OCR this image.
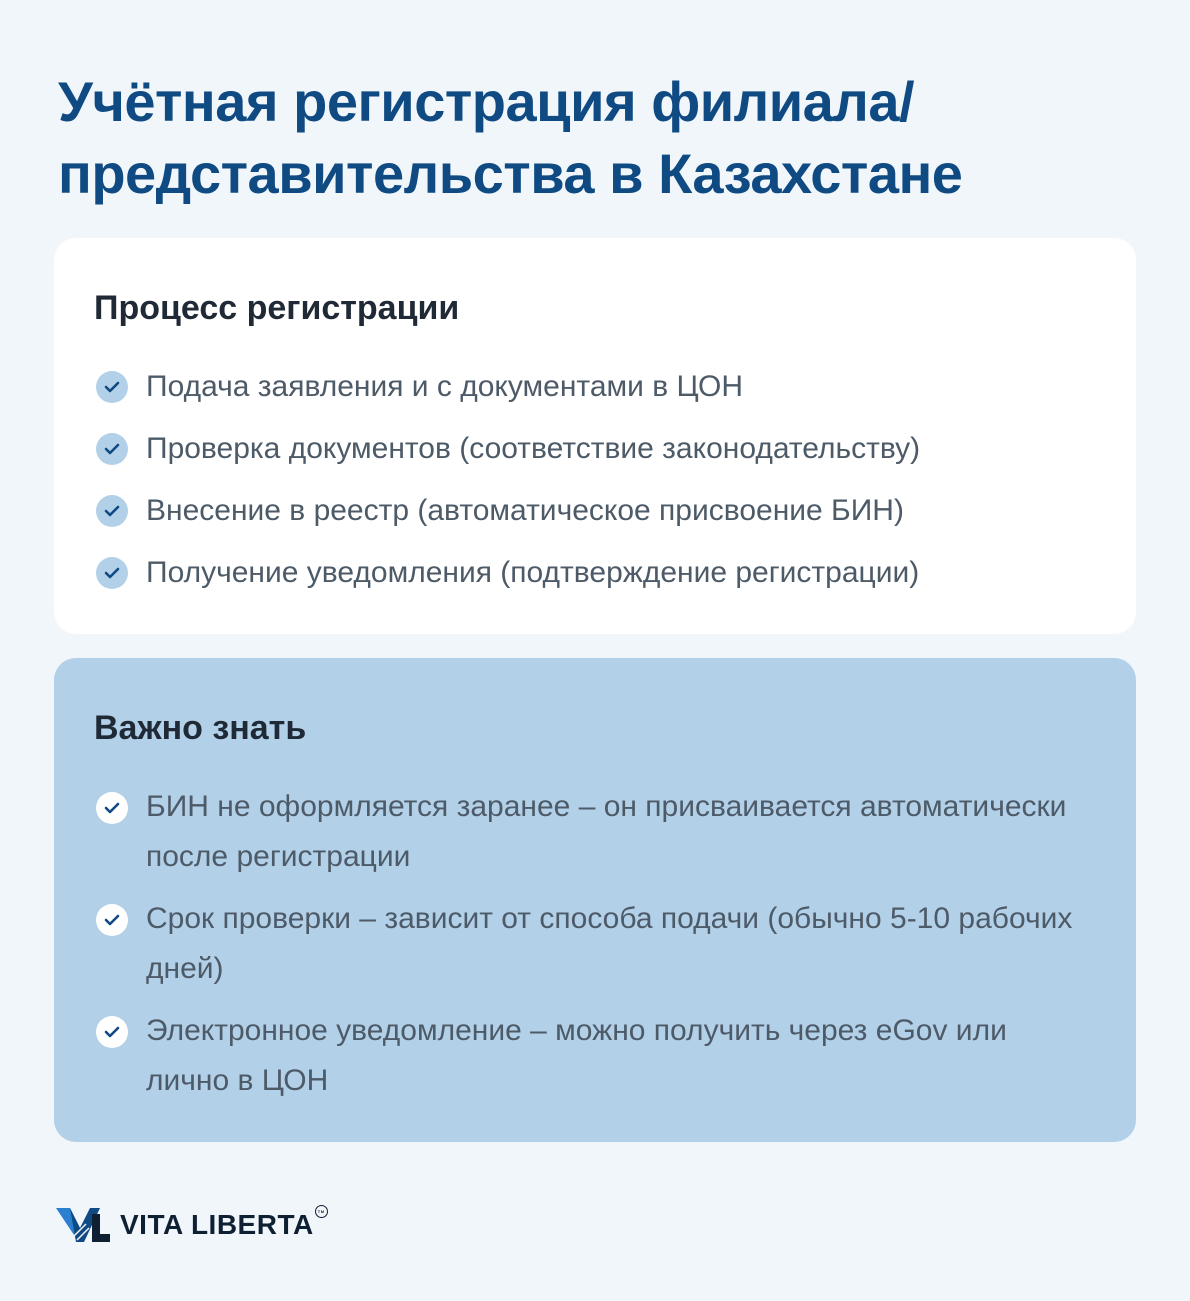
Учётная регистрация филиала/
представительства в Казахстане
Процесс регистрации
Подача заявления и с документами в ЦОН
Проверка документов (соответствие законодательству)
Внесение в реестр (автоматическое присвоение БИН)
Получение уведомления (подтверждение регистрации)
Важно знать
БИН не оформляется заранее – он присваивается автоматически после регистрации
Срок проверки – зависит от способа подачи (обычно 5-10 рабочих дней)
Электронное уведомление – можно получить через eGov или лично в ЦОН
VITA LIBERTA	TM
